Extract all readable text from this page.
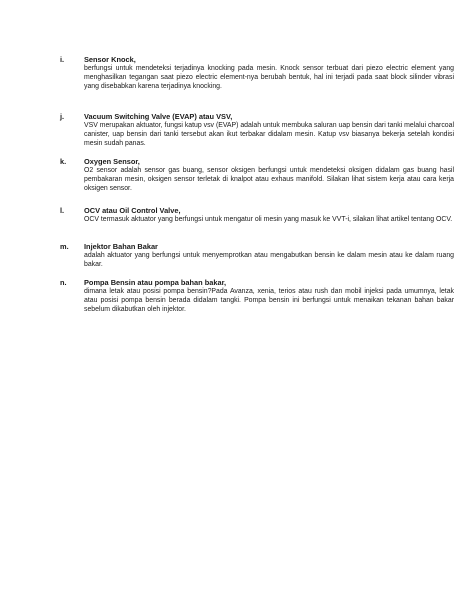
i.	Sensor Knock,
berfungsi untuk mendeteksi terjadinya knocking pada mesin. Knock sensor terbuat dari piezo electric element yang menghasilkan tegangan saat piezo electric element-nya berubah bentuk, hal ini terjadi pada saat block silinder vibrasi yang disebabkan karena terjadinya knocking.
j.	Vacuum Switching Valve (EVAP) atau VSV,
VSV merupakan aktuator, fungsi katup vsv (EVAP) adalah untuk membuka saluran uap bensin dari tanki melalui charcoal canister, uap bensin dari tanki tersebut akan ikut terbakar didalam mesin. Katup vsv biasanya bekerja setelah kondisi mesin sudah panas.
k. Oxygen Sensor,
O2 sensor adalah sensor gas buang, sensor oksigen berfungsi untuk mendeteksi oksigen didalam gas buang hasil pembakaran mesin, oksigen sensor terletak di knalpot atau exhaus manifold. Silakan lihat sistem kerja atau cara kerja oksigen sensor.
l.	OCV atau Oil Control Valve,
OCV termasuk aktuator yang berfungsi untuk mengatur oli mesin yang masuk ke VVT-i, silakan lihat artikel tentang OCV.
m. Injektor Bahan Bakar
adalah aktuator yang berfungsi untuk menyemprotkan atau mengabutkan bensin ke dalam mesin atau ke dalam ruang bakar.
n. Pompa Bensin atau pompa bahan bakar,
dimana letak atau posisi pompa bensin?Pada Avanza, xenia, terios atau rush dan mobil injeksi pada umumnya, letak atau posisi pompa bensin berada didalam tangki. Pompa bensin ini berfungsi untuk menaikan tekanan bahan bakar sebelum dikabutkan oleh injektor.
